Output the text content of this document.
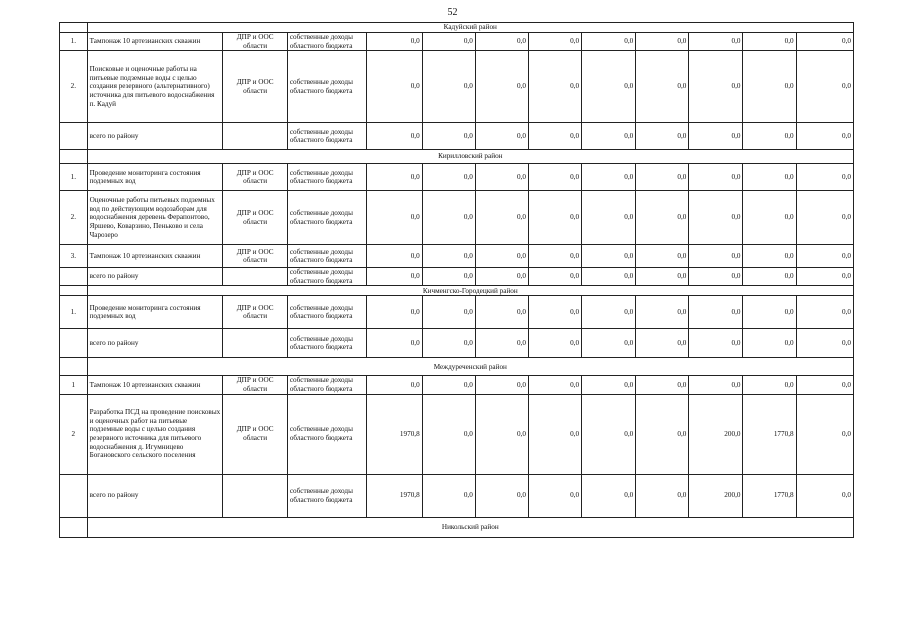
52
	Кадуйский район											
1.	Тампонаж 10 артезианских скважин	ДПР и ООС области	собственные доходы областного бюджета	0,0	0,0	0,0	0,0	0,0	0,0	0,0	0,0	0,0
2.	Поисковые и оценочные работы на питьевые подземные воды с целью создания резервного (альтернативного) источника для питьевого водоснабжения п. Кадуй	ДПР и ООС области	собственные доходы областного бюджета	0,0	0,0	0,0	0,0	0,0	0,0	0,0	0,0	0,0
	всего по району		собственные доходы областного бюджета	0,0	0,0	0,0	0,0	0,0	0,0	0,0	0,0	0,0
	Кирилловский район											
1.	Проведение мониторинга состояния подземных вод	ДПР и ООС области	собственные доходы областного бюджета	0,0	0,0	0,0	0,0	0,0	0,0	0,0	0,0	0,0
2.	Оценочные работы питьевых подземных вод по действующим водозаборам для водоснабжения деревень Ферапонтово, Яршево, Коварзино, Пеньково и села Чарозеро	ДПР и ООС области	собственные доходы областного бюджета	0,0	0,0	0,0	0,0	0,0	0,0	0,0	0,0	0,0
3.	Тампонаж 10 артезианских скважин	ДПР и ООС области	собственные доходы областного бюджета	0,0	0,0	0,0	0,0	0,0	0,0	0,0	0,0	0,0
	всего по району		собственные доходы областного бюджета	0,0	0,0	0,0	0,0	0,0	0,0	0,0	0,0	0,0
	Кичменгско-Городецкий район											
1.	Проведение мониторинга состояния подземных вод	ДПР и ООС области	собственные доходы областного бюджета	0,0	0,0	0,0	0,0	0,0	0,0	0,0	0,0	0,0
	всего по району		собственные доходы областного бюджета	0,0	0,0	0,0	0,0	0,0	0,0	0,0	0,0	0,0
	Междуреченский район											
1	Тампонаж 10 артезианских скважин	ДПР и ООС области	собственные доходы областного бюджета	0,0	0,0	0,0	0,0	0,0	0,0	0,0	0,0	0,0
2	Разработка ПСД на проведение поисковых и оценочных работ на питьевые подземные воды с целью создания резервного источника для питьевого водоснабжения д. Игумницево Богановского сельского поселения	ДПР и ООС области	собственные доходы областного бюджета	1970,8	0,0	0,0	0,0	0,0	0,0	200,0	1770,8	0,0
	всего по району		собственные доходы областного бюджета	1970,8	0,0	0,0	0,0	0,0	0,0	200,0	1770,8	0,0
	Никольский район											
